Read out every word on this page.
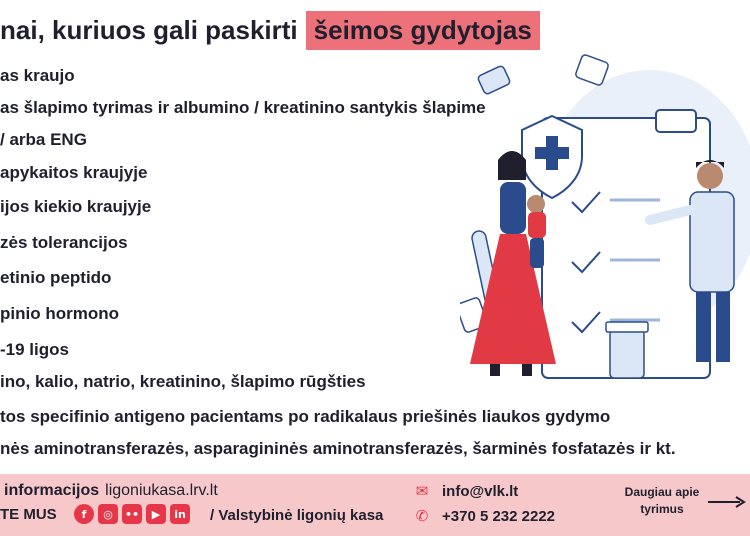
nai, kuriuos gali paskirti šeimos gydytojas
as kraujo
as šlapimo tyrimas ir albumino / kreatinino santykis šlapime
/ arba ENG
apykaitos kraujyje
ijos kiekio kraujyje
zės tolerancijos
etinio peptido
pinio hormono
-19 ligos
ino, kalio, natrio, kreatinino, šlapimo rūgšties
tos specifinio antigeno pacientams po radikalaus priešinės liaukos gydymo
nės aminotransferazės, asparagininės aminotransferazės, šarminės fosfatazės ir kt.
informacijos ligoniukasa.lrv.lt
TE MUS	f	◎	••	▶	in / Valstybinė ligonių kasa
✉ info@vlk.lt
✆ +370 5 232 2222
Daugiau apie tyrimus
